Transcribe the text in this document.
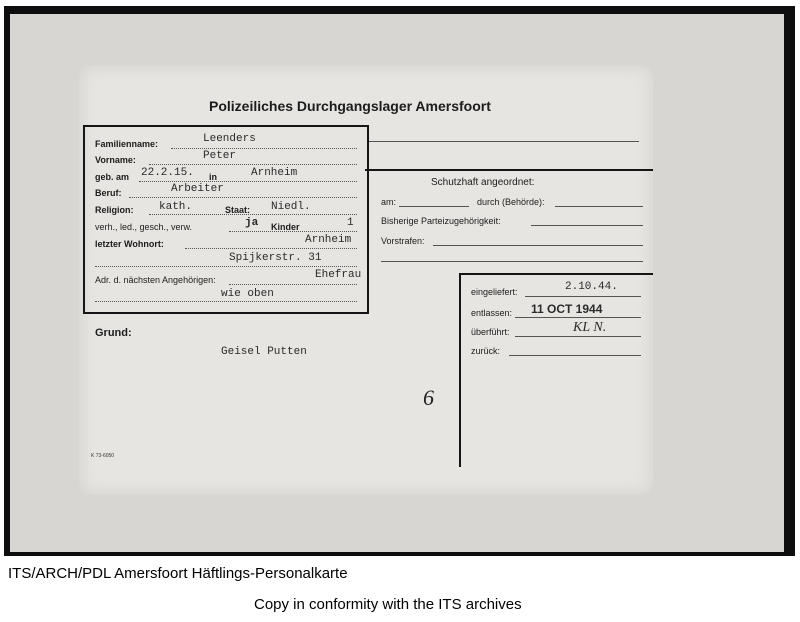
Polizeiliches Durchgangslager Amersfoort
Familienname:	Leenders
Vorname:	Peter
geb. am 22.2.15. in	Arnheim
Beruf:	Arbeiter
Religion: kath.	Staat: Niedl.
verh., led., gesch., verw.	ja Kinder	1
letzter Wohnort:	Arnheim
Spijkerstr. 31
Adr. d. nächsten Angehörigen:	Ehefrau
wie oben
Schutzhaft angeordnet:
am:	durch (Behörde):
Bisherige Parteizugehörigkeit:
Vorstrafen:
eingeliefert:	2.10.44.
entlassen: 11 OCT 1944
überführt:	KL N.
zurück:
Grund:
Geisel Putten
6
K 73-6050
ITS/ARCH/PDL Amersfoort Häftlings-Personalkarte
Copy in conformity with the ITS archives
